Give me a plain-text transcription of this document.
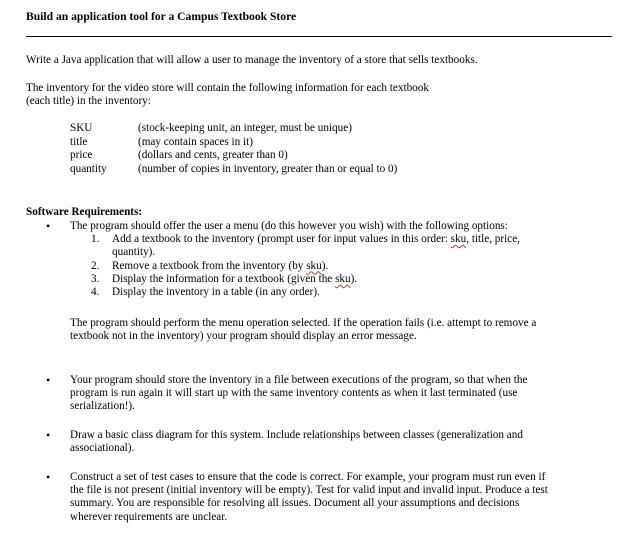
Build an application tool for a Campus Textbook Store

Write a Java application that will allow a user to manage the inventory of a store that sells textbooks.

The inventory for the video store will contain the following information for each textbook
(each title) in the inventory:
SKU	(stock-keeping unit, an integer, must be unique)
title	(may contain spaces in it)
price	(dollars and cents, greater than 0)
quantity	(number of copies in inventory, greater than or equal to 0)
Software Requirements:
• The program should offer the user a menu (do this however you wish) with the following options:

1. Add a textbook to the inventory (prompt user for input values in this order: sku, title, price,
quantity).
2. Remove a textbook from the inventory (by sku).
3. Display the information for a textbook (given the sku).
4. Display the inventory in a table (in any order).
The program should perform the menu operation selected. If the operation fails (i.e. attempt to remove a
textbook not in the inventory) your program should display an error message.
• Your program should store the inventory in a file between executions of the program, so that when the
program is run again it will start up with the same inventory contents as when it last terminated (use
serialization!).
• Draw a basic class diagram for this system. Include relationships between classes (generalization and
associational).
• Construct a set of test cases to ensure that the code is correct. For example, your program must run even if
the file is not present (initial inventory will be empty). Test for valid input and invalid input. Produce a test
summary. You are responsible for resolving all issues. Document all your assumptions and decisions
wherever requirements are unclear.
